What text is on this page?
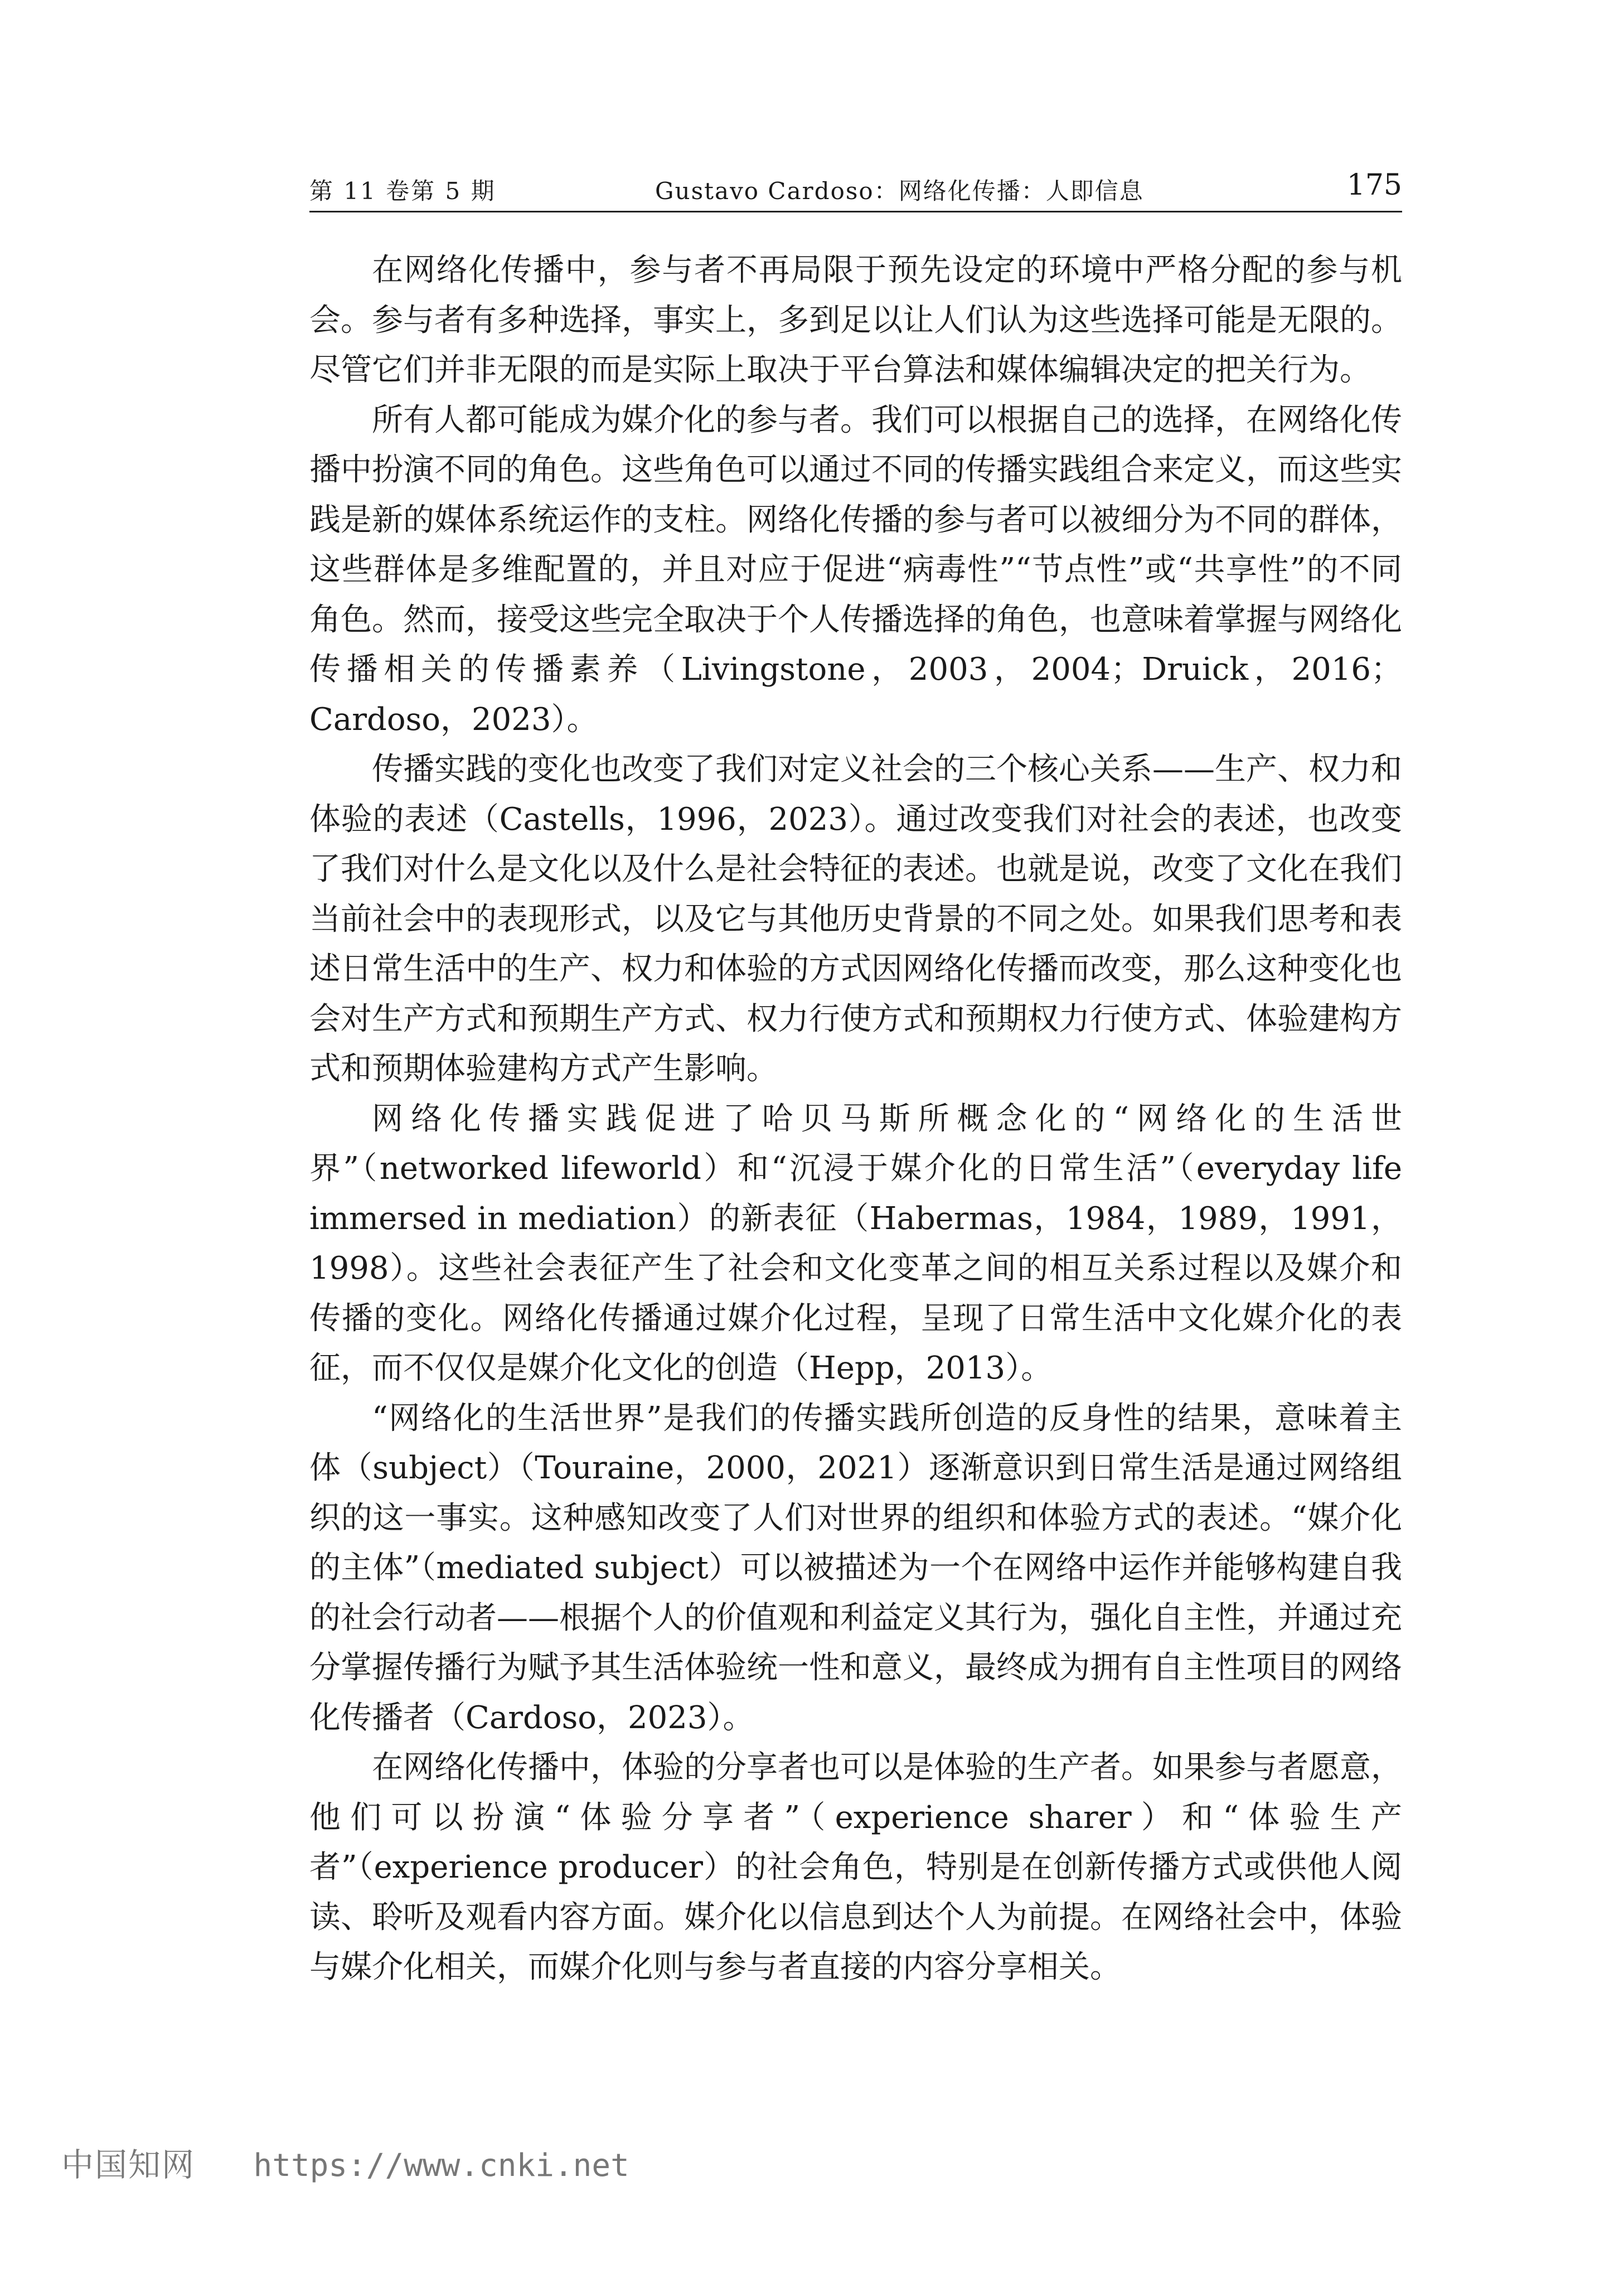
第 11 卷第 5 期	Gustavo Cardoso：网络化传播：人即信息	175

在网络化传播中，参与者不再局限于预先设定的环境中严格分配的参与机会。参与者有多种选择，事实上，多到足以让人们认为这些选择可能是无限的。尽管它们并非无限的而是实际上取决于平台算法和媒体编辑决定的把关行为。

所有人都可能成为媒介化的参与者。我们可以根据自己的选择，在网络化传播中扮演不同的角色。这些角色可以通过不同的传播实践组合来定义，而这些实践是新的媒体系统运作的支柱。网络化传播的参与者可以被细分为不同的群体，这些群体是多维配置的，并且对应于促进“病毒性”“节点性”或“共享性”的不同角色。然而，接受这些完全取决于个人传播选择的角色，也意味着掌握与网络化传播相关的传播素养（Livingstone，2003，2004；Druick，2016；Cardoso，2023）。

传播实践的变化也改变了我们对定义社会的三个核心关系——生产、权力和体验的表述（Castells，1996，2023）。通过改变我们对社会的表述，也改变了我们对什么是文化以及什么是社会特征的表述。也就是说，改变了文化在我们当前社会中的表现形式，以及它与其他历史背景的不同之处。如果我们思考和表述日常生活中的生产、权力和体验的方式因网络化传播而改变，那么这种变化也会对生产方式和预期生产方式、权力行使方式和预期权力行使方式、体验建构方式和预期体验建构方式产生影响。

网络化传播实践促进了哈贝马斯所概念化的“网络化的生活世界”（networked lifeworld）和“沉浸于媒介化的日常生活”（everyday life immersed in mediation）的新表征（Habermas，1984，1989，1991，1998）。这些社会表征产生了社会和文化变革之间的相互关系过程以及媒介和传播的变化。网络化传播通过媒介化过程，呈现了日常生活中文化媒介化的表征，而不仅仅是媒介化文化的创造（Hepp，2013）。

“网络化的生活世界”是我们的传播实践所创造的反身性的结果，意味着主体（subject）（Touraine，2000，2021）逐渐意识到日常生活是通过网络组织的这一事实。这种感知改变了人们对世界的组织和体验方式的表述。“媒介化的主体”（mediated subject）可以被描述为一个在网络中运作并能够构建自我的社会行动者——根据个人的价值观和利益定义其行为，强化自主性，并通过充分掌握传播行为赋予其生活体验统一性和意义，最终成为拥有自主性项目的网络化传播者（Cardoso，2023）。

在网络化传播中，体验的分享者也可以是体验的生产者。如果参与者愿意，他们可以扮演“体验分享者”（experience sharer）和“体验生产者”（experience producer）的社会角色，特别是在创新传播方式或供他人阅读、聆听及观看内容方面。媒介化以信息到达个人为前提。在网络社会中，体验与媒介化相关，而媒介化则与参与者直接的内容分享相关。

中国知网 https://www.cnki.net
